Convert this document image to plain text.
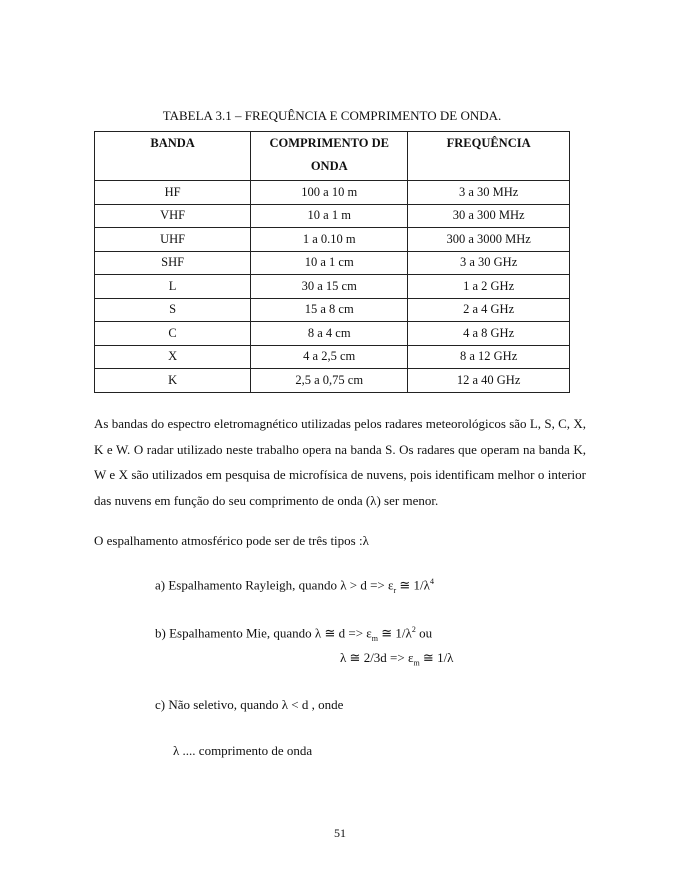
TABELA 3.1 – FREQUÊNCIA E COMPRIMENTO DE ONDA.
BANDA	COMPRIMENTO DE ONDA	FREQUÊNCIA
HF	100 a 10 m	3 a 30 MHz
VHF	10 a 1 m	30 a 300 MHz
UHF	1 a 0.10 m	300 a 3000 MHz
SHF	10 a 1 cm	3 a 30 GHz
L	30 a 15 cm	1 a 2 GHz
S	15 a 8 cm	2 a 4 GHz
C	8 a 4 cm	4 a 8 GHz
X	4 a 2,5 cm	8 a 12 GHz
K	2,5 a 0,75 cm	12 a 40 GHz
As bandas do espectro eletromagnético utilizadas pelos radares meteorológicos são L, S, C, X, K e W. O radar utilizado neste trabalho opera na banda S. Os radares que operam na banda K, W e X são utilizados em pesquisa de microfísica de nuvens, pois identificam melhor o interior das nuvens em função do seu comprimento de onda (λ) ser menor.
O espalhamento atmosférico pode ser de três tipos :λ
a) Espalhamento Rayleigh, quando $\lambda > d => \varepsilon_r$ ≅ $1/\lambda^4$
b) Espalhamento Mie, quando λ ≅ $d => \varepsilon_m$ ≅ $1/\lambda^2$ ou
λ ≅ $2/3d => \varepsilon_m$ ≅ 1/λ
c) Não seletivo, quando λ < d , onde
λ .... comprimento de onda
51
